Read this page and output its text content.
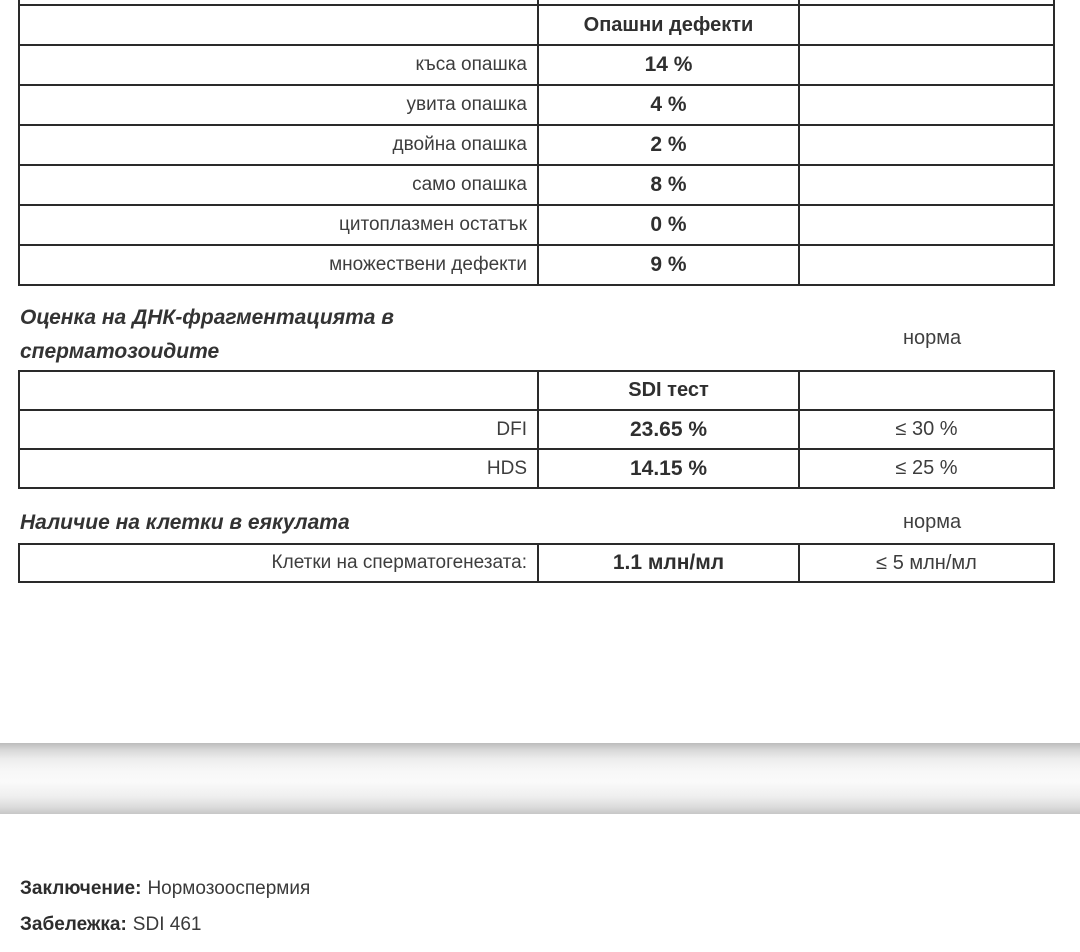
	Опашни дефекти	
къса опашка	14 %	
увита опашка	4 %	
двойна опашка	2 %	
само опашка	8 %	
цитоплазмен остатък	0 %	
множествени дефекти	9 %	
Оценка на ДНК-фрагментацията в
сперматозоидите
норма
	SDI тест	
DFI	23.65 %	≤ 30 %
HDS	14.15 %	≤ 25 %
Наличие на клетки в еякулата	норма
Клетки на сперматогенезата:	1.1 млн/мл	≤ 5 млн/мл
Заключение: Нормозооспермия
Забележка: SDI 461
